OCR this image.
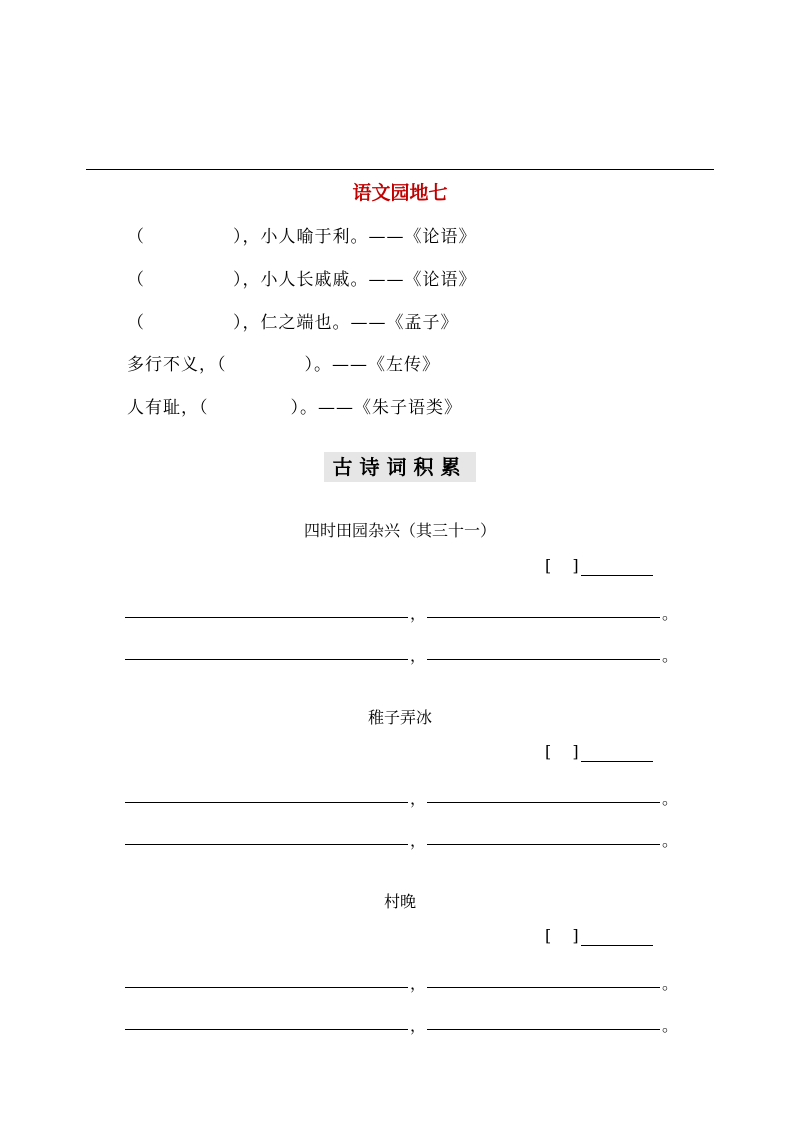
语文园地七
（	），小人喻于利。——《论语》
（	），小人长戚戚。——《论语》
（	），仁之端也。——《孟子》
多行不义，（	）。——《左传》
人有耻，（	）。——《朱子语类》
古诗词积累
四时田园杂兴（其三十一）
[　 ]
，	。
，	。
稚子弄冰
[　 ]
，	。
，	。
村晚
[　 ]
，	。
，	。
